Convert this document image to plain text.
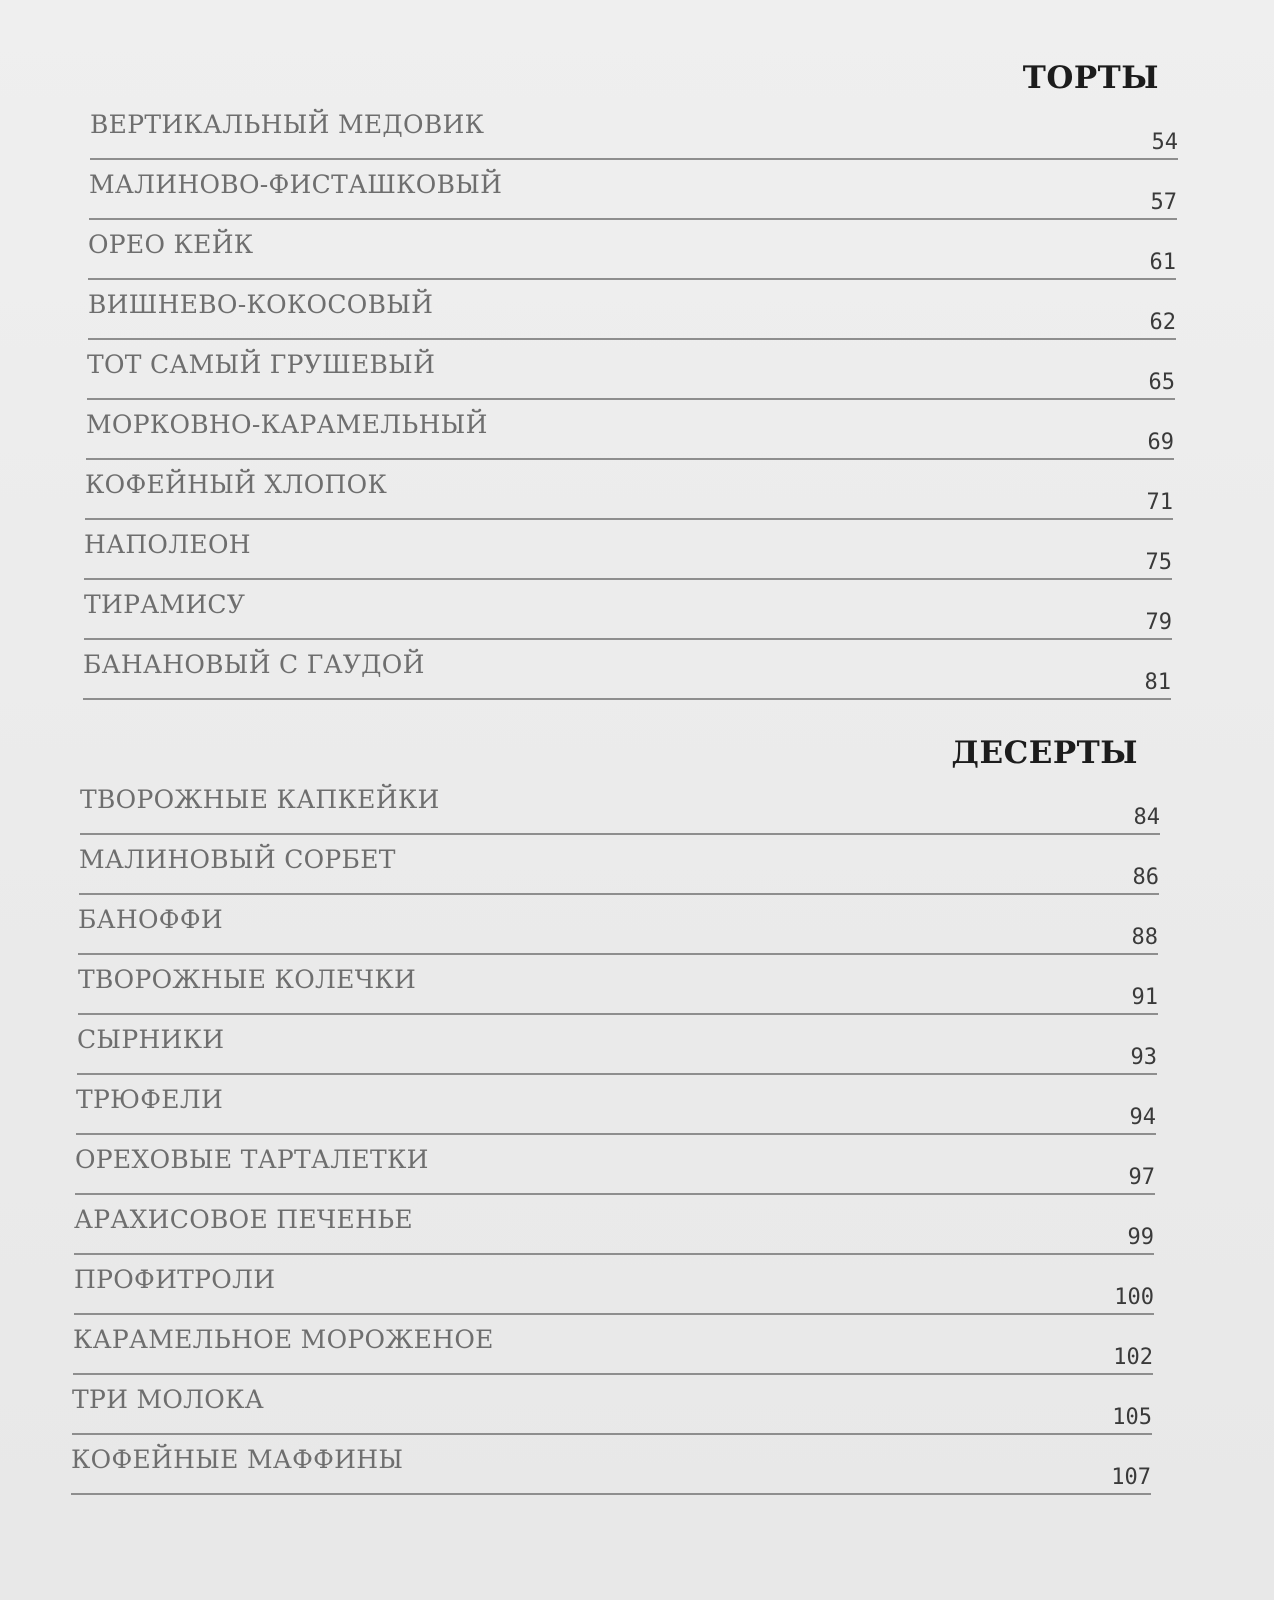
ТОРТЫ
ДЕСЕРТЫ
ВЕРТИКАЛЬНЫЙ МЕДОВИК
54
МАЛИНОВО-ФИСТАШКОВЫЙ
57
ОРЕО КЕЙК
61
ВИШНЕВО-КОКОСОВЫЙ
62
ТОТ САМЫЙ ГРУШЕВЫЙ
65
МОРКОВНО-КАРАМЕЛЬНЫЙ
69
КОФЕЙНЫЙ ХЛОПОК
71
НАПОЛЕОН
75
ТИРАМИСУ
79
БАНАНОВЫЙ С ГАУДОЙ
81
ТВОРОЖНЫЕ КАПКЕЙКИ
84
МАЛИНОВЫЙ СОРБЕТ
86
БАНОФФИ
88
ТВОРОЖНЫЕ КОЛЕЧКИ
91
СЫРНИКИ
93
ТРЮФЕЛИ
94
ОРЕХОВЫЕ ТАРТАЛЕТКИ
97
АРАХИСОВОЕ ПЕЧЕНЬЕ
99
ПРОФИТРОЛИ
100
КАРАМЕЛЬНОЕ МОРОЖЕНОЕ
102
ТРИ МОЛОКА
105
КОФЕЙНЫЕ МАФФИНЫ
107
